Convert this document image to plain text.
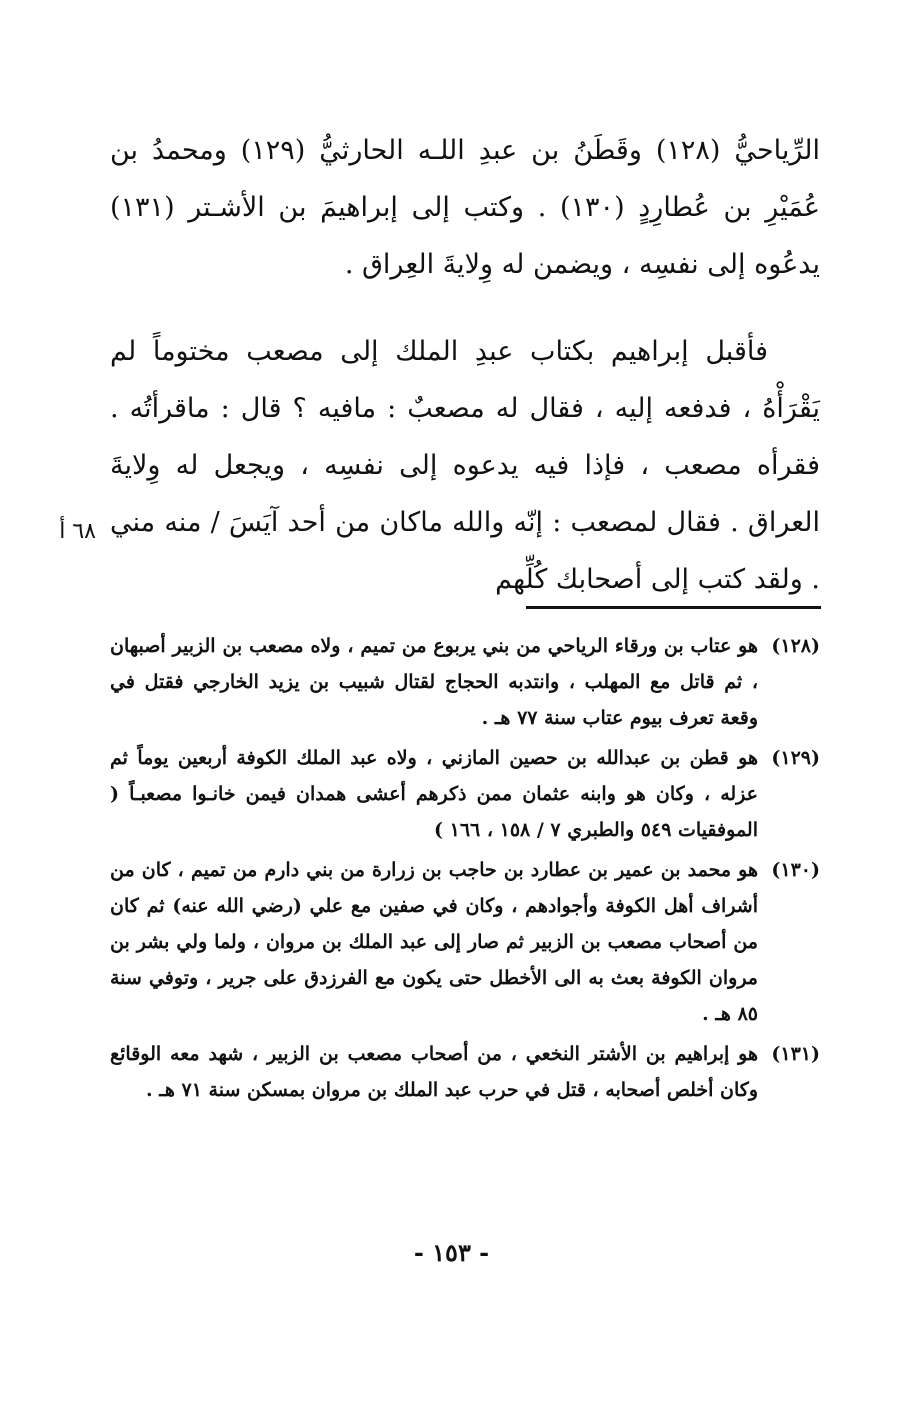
الرِّياحيُّ (١٢٨) وقَطَنُ بن عبدِ اللـه الحارثيُّ (١٢٩) ومحمدُ بن عُمَيْرِ بن عُطارِدٍ (١٣٠) . وكتب إلى إبراهيمَ بن الأشـتر (١٣١) يدعُوه إلى نفسِه ، ويضمن له وِلايةَ العِراق .

فأقبل إبراهيم بكتاب عبدِ الملك إلى مصعب مختوماً لم يَقْرَأْهُ ، فدفعه إليه ، فقال له مصعبٌ : مافيه ؟ قال : ماقرأتُه . فقرأه مصعب ، فإذا فيه يدعوه إلى نفسِه ، ويجعل له وِلايةَ العراق . فقال لمصعب : إنّه والله ماكان من أحد آيَسَ / منه مني . ولقد كتب إلى أصحابك كُلِّهم

٦٨ أ
(١٢٨)
هو عتاب بن ورقاء الرياحي من بني يربوع من تميم ، ولاه مصعب بن الزبير أصبهان ، ثم قاتل مع المهلب ، وانتدبه الحجاج لقتال شبيب بن يزيد الخارجي فقتل في وقعة تعرف بيوم عتاب سنة ٧٧ هـ .
(١٢٩)
هو قطن بن عبدالله بن حصين المازني ، ولاه عبد الملك الكوفة أربعين يوماً ثم عزله ، وكان هو وابنه عثمان ممن ذكرهم أعشى همدان فيمن خانـوا مصعبـاً ( الموفقيات ٥٤٩ والطبري ٧ / ١٥٨ ، ١٦٦ )
(١٣٠)
هو محمد بن عمير بن عطارد بن حاجب بن زرارة من بني دارم من تميم ، كان من أشراف أهل الكوفة وأجوادهم ، وكان في صفين مع علي (رضي الله عنه) ثم كان من أصحاب مصعب بن الزبير ثم صار إلى عبد الملك بن مروان ، ولما ولي بشر بن مروان الكوفة بعث به الى الأخطل حتى يكون مع الفرزدق على جرير ، وتوفي سنة ٨٥ هـ .
(١٣١)
هو إبراهيم بن الأشتر النخعي ، من أصحاب مصعب بن الزبير ، شهد معه الوقائع وكان أخلص أصحابه ، قتل في حرب عبد الملك بن مروان بمسكن سنة ٧١ هـ .
- ١٥٣ -
